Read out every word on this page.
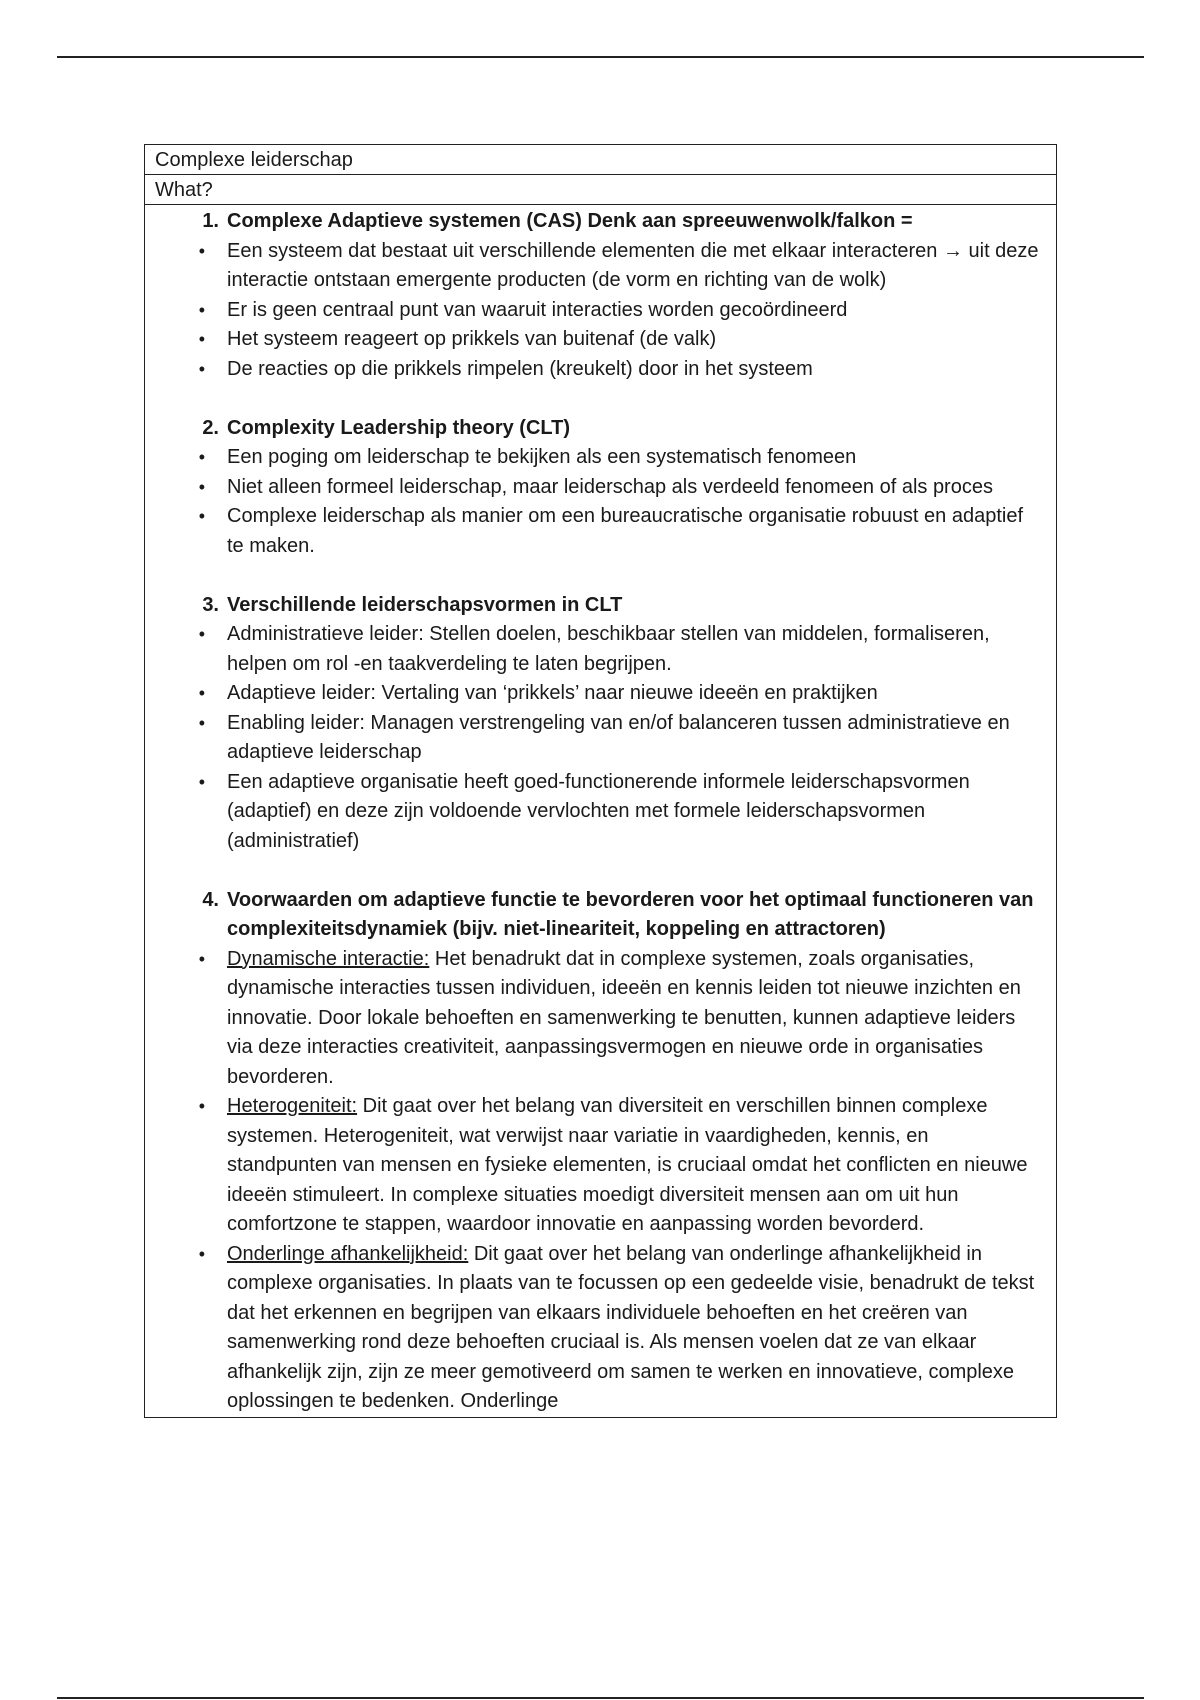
Complexe leiderschap
What?
1. Complexe Adaptieve systemen (CAS) Denk aan spreeuwenwolk/falkon =
•	Een systeem dat bestaat uit verschillende elementen die met elkaar interacteren → uit deze interactie ontstaan emergente producten (de vorm en richting van de wolk)
•	Er is geen centraal punt van waaruit interacties worden gecoördineerd
•	Het systeem reageert op prikkels van buitenaf (de valk)
•	De reacties op die prikkels rimpelen (kreukelt) door in het systeem
2. Complexity Leadership theory (CLT)
•	Een poging om leiderschap te bekijken als een systematisch fenomeen
•	Niet alleen formeel leiderschap, maar leiderschap als verdeeld fenomeen of als proces
•	Complexe leiderschap als manier om een bureaucratische organisatie robuust en adaptief te maken.
3. Verschillende leiderschapsvormen in CLT
•	Administratieve leider: Stellen doelen, beschikbaar stellen van middelen, formaliseren, helpen om rol -en taakverdeling te laten begrijpen.
•	Adaptieve leider: Vertaling van ‘prikkels’ naar nieuwe ideeën en praktijken
•	Enabling leider: Managen verstrengeling van en/of balanceren tussen administratieve en adaptieve leiderschap
•	Een adaptieve organisatie heeft goed-functionerende informele leiderschapsvormen (adaptief) en deze zijn voldoende vervlochten met formele leiderschapsvormen (administratief)
4. Voorwaarden om adaptieve functie te bevorderen voor het optimaal functioneren van complexiteitsdynamiek (bijv. niet-lineariteit, koppeling en attractoren)
•	Dynamische interactie: Het benadrukt dat in complexe systemen, zoals organisaties, dynamische interacties tussen individuen, ideeën en kennis leiden tot nieuwe inzichten en innovatie. Door lokale behoeften en samenwerking te benutten, kunnen adaptieve leiders via deze interacties creativiteit, aanpassingsvermogen en nieuwe orde in organisaties bevorderen.
•	Heterogeniteit: Dit gaat over het belang van diversiteit en verschillen binnen complexe systemen. Heterogeniteit, wat verwijst naar variatie in vaardigheden, kennis, en standpunten van mensen en fysieke elementen, is cruciaal omdat het conflicten en nieuwe ideeën stimuleert. In complexe situaties moedigt diversiteit mensen aan om uit hun comfortzone te stappen, waardoor innovatie en aanpassing worden bevorderd.
•	Onderlinge afhankelijkheid: Dit gaat over het belang van onderlinge afhankelijkheid in complexe organisaties. In plaats van te focussen op een gedeelde visie, benadrukt de tekst dat het erkennen en begrijpen van elkaars individuele behoeften en het creëren van samenwerking rond deze behoeften cruciaal is. Als mensen voelen dat ze van elkaar afhankelijk zijn, zijn ze meer gemotiveerd om samen te werken en innovatieve, complexe oplossingen te bedenken. Onderlinge
